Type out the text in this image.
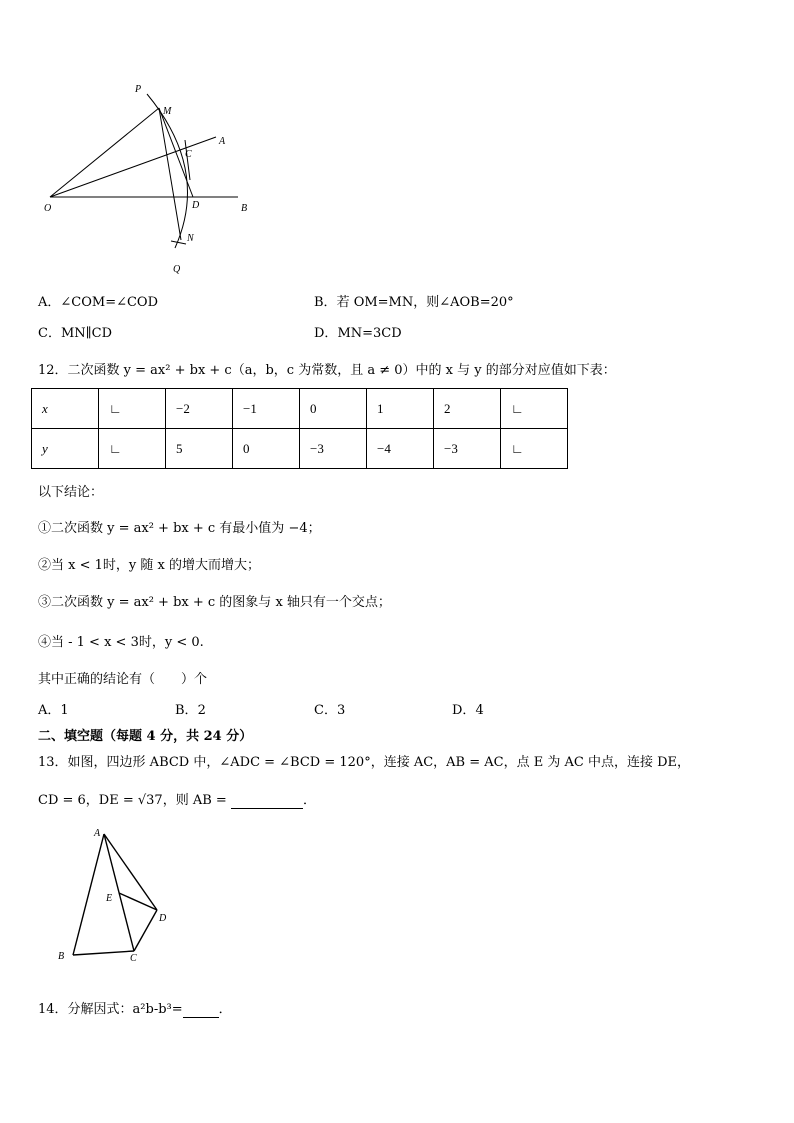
P
M
A
C
O	D	B
N
Q
A．∠COM=∠COD	B．若 OM=MN，则∠AOB=20°
C．MN∥CD	D．MN=3CD
12．二次函数 y = ax² + bx + c（a，b，c 为常数，且 a ≠ 0）中的 x 与 y 的部分对应值如下表：
x	∟	−2	−1	0	1	2	∟
y	∟	5	0	−3	−4	−3	∟
以下结论：
①二次函数 y = ax² + bx + c 有最小值为 −4；
②当 x < 1时，y 随 x 的增大而增大；
③二次函数 y = ax² + bx + c 的图象与 x 轴只有一个交点；
④当 - 1 < x < 3时，y < 0.
其中正确的结论有（　　）个
A．1	B．2	C．3	D．4
二、填空题（每题 4 分，共 24 分）
13．如图，四边形 ABCD 中，∠ADC = ∠BCD = 120°，连接 AC，AB = AC，点 E 为 AC 中点，连接 DE，
CD = 6，DE = √37，则 AB =	．
A
E
D
B	C
14．分解因式：a²b-b³=	．
